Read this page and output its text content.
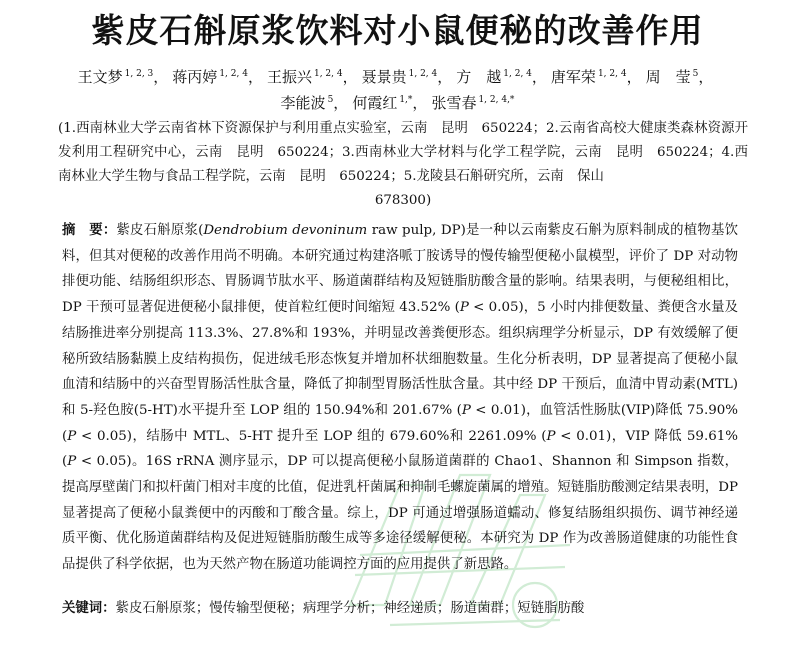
紫皮石斛原浆饮料对小鼠便秘的改善作用
王文梦 $^{1, 2, 3}$， 蒋丙婷 $^{1, 2, 4}$， 王振兴 $^{1, 2, 4}$， 聂景贵 $^{1, 2, 4}$， 方　越 $^{1, 2, 4}$， 唐军荣 $^{1, 2, 4}$， 周　莹 $^5$，
李能波 $^5$， 何霞红 $^{1,*}$， 张雪春 $^{1, 2, 4,*}$
(1.西南林业大学云南省林下资源保护与利用重点实验室，云南　昆明　650224；2.云南省高校大健康类森林资源开发利用工程研究中心，云南　昆明　650224；3.西南林业大学材料与化学工程学院，云南　昆明　650224；4.西南林业大学生物与食品工程学院，云南　昆明　650224；5.龙陵县石斛研究所，云南　保山
678300)
摘　要：紫皮石斛原浆(Dendrobium devoninum raw pulp, DP)是一种以云南紫皮石斛为原料制成的植物基饮料，但其对便秘的改善作用尚不明确。本研究通过构建洛哌丁胺诱导的慢传输型便秘小鼠模型，评价了 DP 对动物排便功能、结肠组织形态、胃肠调节肽水平、肠道菌群结构及短链脂肪酸含量的影响。结果表明，与便秘组相比，DP 干预可显著促进便秘小鼠排便，使首粒红便时间缩短 43.52% (P < 0.05)，5 小时内排便数量、粪便含水量及结肠推进率分别提高 113.3%、27.8%和 193%，并明显改善粪便形态。组织病理学分析显示，DP 有效缓解了便秘所致结肠黏膜上皮结构损伤，促进绒毛形态恢复并增加杯状细胞数量。生化分析表明，DP 显著提高了便秘小鼠血清和结肠中的兴奋型胃肠活性肽含量，降低了抑制型胃肠活性肽含量。其中经 DP 干预后，血清中胃动素(MTL)和 5-羟色胺(5-HT)水平提升至 LOP 组的 150.94%和 201.67% (P < 0.01)，血管活性肠肽(VIP)降低 75.90% (P < 0.05)，结肠中 MTL、5-HT 提升至 LOP 组的 679.60%和 2261.09% (P < 0.01)，VIP 降低 59.61% (P < 0.05)。16S rRNA 测序显示，DP 可以提高便秘小鼠肠道菌群的 Chao1、Shannon 和 Simpson 指数，提高厚壁菌门和拟杆菌门相对丰度的比值，促进乳杆菌属和抑制毛螺旋菌属的增殖。短链脂肪酸测定结果表明，DP 显著提高了便秘小鼠粪便中的丙酸和丁酸含量。综上，DP 可通过增强肠道蠕动、修复结肠组织损伤、调节神经递质平衡、优化肠道菌群结构及促进短链脂肪酸生成等多途径缓解便秘。本研究为 DP 作为改善肠道健康的功能性食品提供了科学依据，也为天然产物在肠道功能调控方面的应用提供了新思路。
关键词：紫皮石斛原浆；慢传输型便秘；病理学分析；神经递质；肠道菌群；短链脂肪酸
